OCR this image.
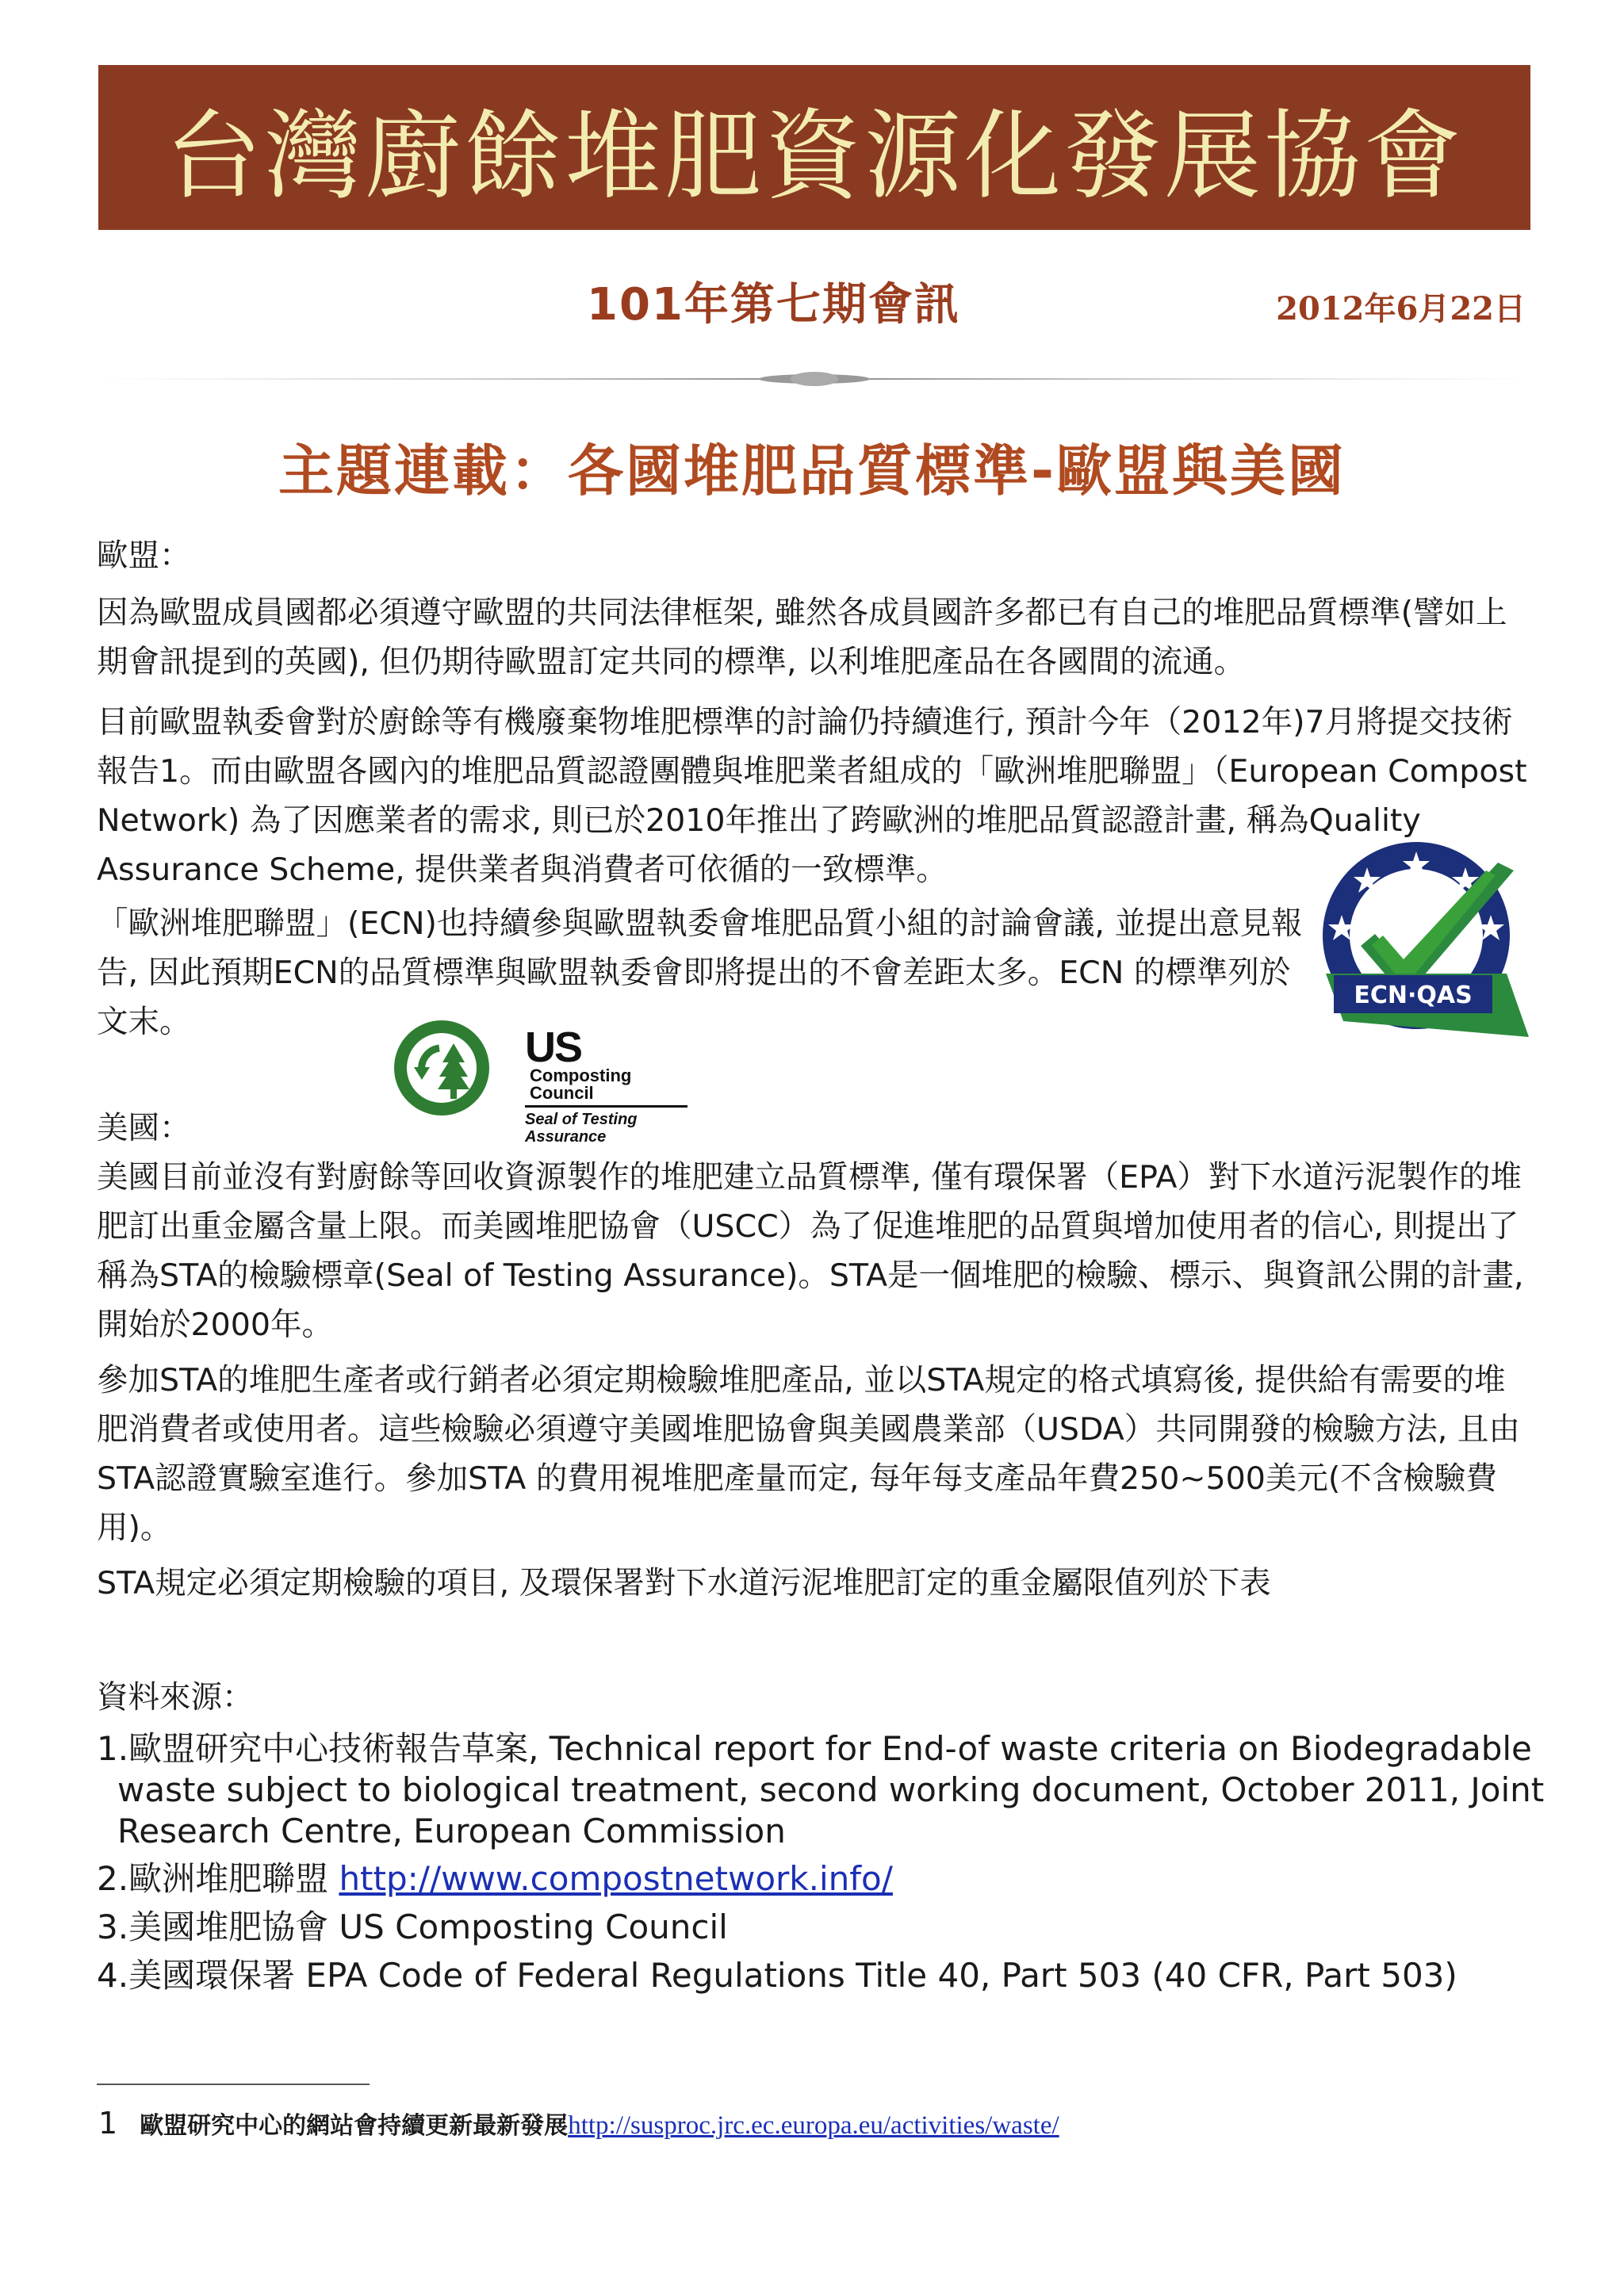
台灣廚餘堆肥資源化發展協會
101年第七期會訊	2012年6月22日
主題連載：各國堆肥品質標準-歐盟與美國
歐盟：

因為歐盟成員國都必須遵守歐盟的共同法律框架, 雖然各成員國許多都已有自己的堆肥品質標準(譬如上期會訊提到的英國), 但仍期待歐盟訂定共同的標準, 以利堆肥產品在各國間的流通。

目前歐盟執委會對於廚餘等有機廢棄物堆肥標準的討論仍持續進行, 預計今年（2012年)7月將提交技術報告1。而由歐盟各國內的堆肥品質認證團體與堆肥業者組成的「歐洲堆肥聯盟」（European Compost Network) 為了因應業者的需求, 則已於2010年推出了跨歐洲的堆肥品質認證計畫, 稱為Quality Assurance Scheme, 提供業者與消費者可依循的一致標準。

「歐洲堆肥聯盟」(ECN)也持續參與歐盟執委會堆肥品質小組的討論會議, 並提出意見報告, 因此預期ECN的品質標準與歐盟執委會即將提出的不會差距太多。ECN 的標準列於文末。

ECN·QAS
US
Composting
Council
Seal of Testing
Assurance
美國：

美國目前並沒有對廚餘等回收資源製作的堆肥建立品質標準, 僅有環保署（EPA）對下水道污泥製作的堆肥訂出重金屬含量上限。而美國堆肥協會（USCC）為了促進堆肥的品質與增加使用者的信心, 則提出了稱為STA的檢驗標章(Seal of Testing Assurance)。STA是一個堆肥的檢驗、標示、與資訊公開的計畫, 開始於2000年。

參加STA的堆肥生產者或行銷者必須定期檢驗堆肥產品, 並以STA規定的格式填寫後, 提供給有需要的堆肥消費者或使用者。這些檢驗必須遵守美國堆肥協會與美國農業部（USDA）共同開發的檢驗方法, 且由STA認證實驗室進行。參加STA 的費用視堆肥產量而定, 每年每支產品年費250~500美元(不含檢驗費用)。

STA規定必須定期檢驗的項目, 及環保署對下水道污泥堆肥訂定的重金屬限值列於下表

資料來源：
1.歐盟研究中心技術報告草案, Technical report for End-of waste criteria on Biodegradable waste subject to biological treatment, second working document, October 2011, Joint Research Centre, European Commission
2.歐洲堆肥聯盟 http://www.compostnetwork.info/
3.美國堆肥協會 US Composting Council
4.美國環保署 EPA Code of Federal Regulations Title 40, Part 503 (40 CFR, Part 503)
1 歐盟研究中心的網站會持續更新最新發展http://susproc.jrc.ec.europa.eu/activities/waste/
